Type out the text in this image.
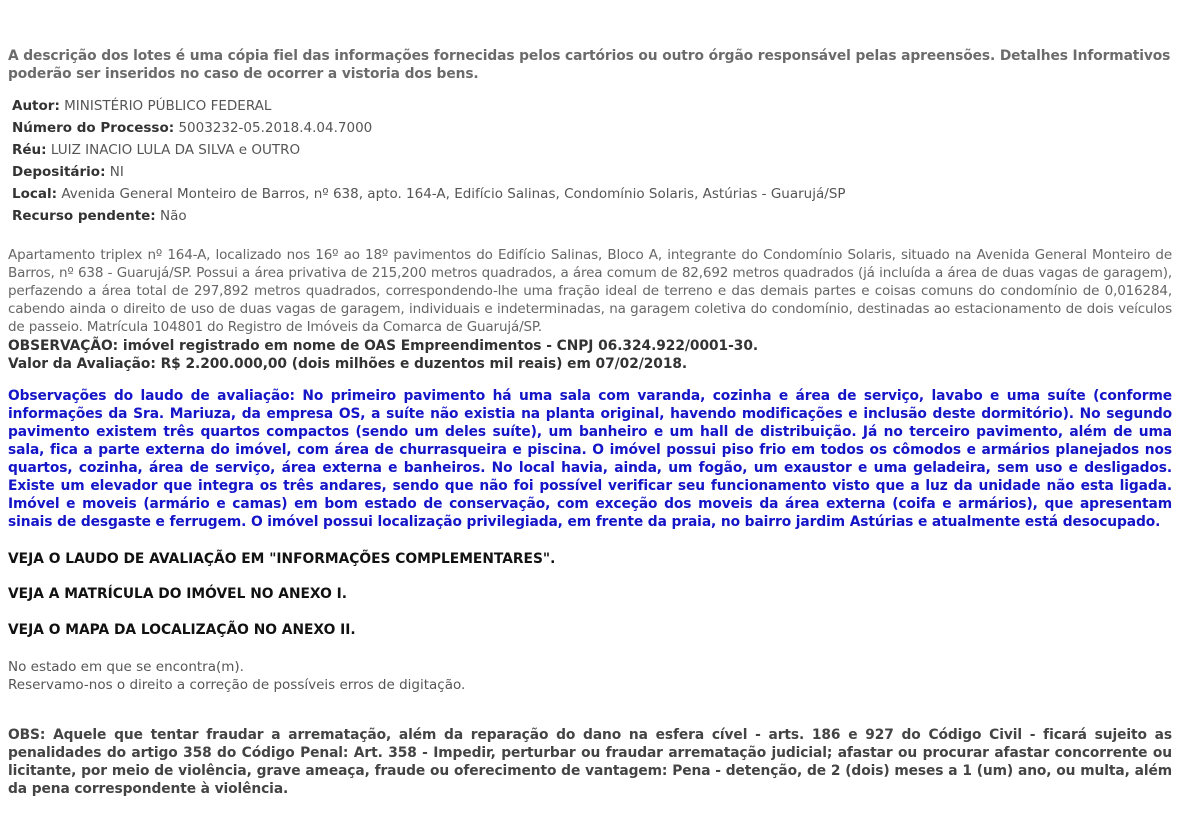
A descrição dos lotes é uma cópia fiel das informações fornecidas pelos cartórios ou outro órgão responsável pelas apreensões. Detalhes Informativos poderão ser inseridos no caso de ocorrer a vistoria dos bens.

Autor: MINISTÉRIO PÚBLICO FEDERAL
Número do Processo: 5003232-05.2018.4.04.7000
Réu: LUIZ INACIO LULA DA SILVA e OUTRO
Depositário: NI
Local: Avenida General Monteiro de Barros, nº 638, apto. 164-A, Edifício Salinas, Condomínio Solaris, Astúrias - Guarujá/SP
Recurso pendente: Não

Apartamento triplex nº 164-A, localizado nos 16º ao 18º pavimentos do Edifício Salinas, Bloco A, integrante do Condomínio Solaris, situado na Avenida General Monteiro de Barros, nº 638 - Guarujá/SP. Possui a área privativa de 215,200 metros quadrados, a área comum de 82,692 metros quadrados (já incluída a área de duas vagas de garagem), perfazendo a área total de 297,892 metros quadrados, correspondendo-lhe uma fração ideal de terreno e das demais partes e coisas comuns do condomínio de 0,016284, cabendo ainda o direito de uso de duas vagas de garagem, individuais e indeterminadas, na garagem coletiva do condomínio, destinadas ao estacionamento de dois veículos de passeio. Matrícula 104801 do Registro de Imóveis da Comarca de Guarujá/SP.

OBSERVAÇÃO: imóvel registrado em nome de OAS Empreendimentos - CNPJ 06.324.922/0001-30.

Valor da Avaliação: R$ 2.200.000,00 (dois milhões e duzentos mil reais) em 07/02/2018.

Observações do laudo de avaliação: No primeiro pavimento há uma sala com varanda, cozinha e área de serviço, lavabo e uma suíte (conforme informações da Sra. Mariuza, da empresa OS, a suíte não existia na planta original, havendo modificações e inclusão deste dormitório). No segundo pavimento existem três quartos compactos (sendo um deles suíte), um banheiro e um hall de distribuição. Já no terceiro pavimento, além de uma sala, fica a parte externa do imóvel, com área de churrasqueira e piscina. O imóvel possui piso frio em todos os cômodos e armários planejados nos quartos, cozinha, área de serviço, área externa e banheiros. No local havia, ainda, um fogão, um exaustor e uma geladeira, sem uso e desligados. Existe um elevador que integra os três andares, sendo que não foi possível verificar seu funcionamento visto que a luz da unidade não esta ligada. Imóvel e moveis (armário e camas) em bom estado de conservação, com exceção dos moveis da área externa (coifa e armários), que apresentam sinais de desgaste e ferrugem. O imóvel possui localização privilegiada, em frente da praia, no bairro jardim Astúrias e atualmente está desocupado.

VEJA O LAUDO DE AVALIAÇÃO EM "INFORMAÇÕES COMPLEMENTARES".

VEJA A MATRÍCULA DO IMÓVEL NO ANEXO I.

VEJA O MAPA DA LOCALIZAÇÃO NO ANEXO II.

No estado em que se encontra(m).

Reservamo-nos o direito a correção de possíveis erros de digitação.

OBS: Aquele que tentar fraudar a arrematação, além da reparação do dano na esfera cível - arts. 186 e 927 do Código Civil - ficará sujeito as penalidades do artigo 358 do Código Penal: Art. 358 - Impedir, perturbar ou fraudar arrematação judicial; afastar ou procurar afastar concorrente ou licitante, por meio de violência, grave ameaça, fraude ou oferecimento de vantagem: Pena - detenção, de 2 (dois) meses a 1 (um) ano, ou multa, além da pena correspondente à violência.
